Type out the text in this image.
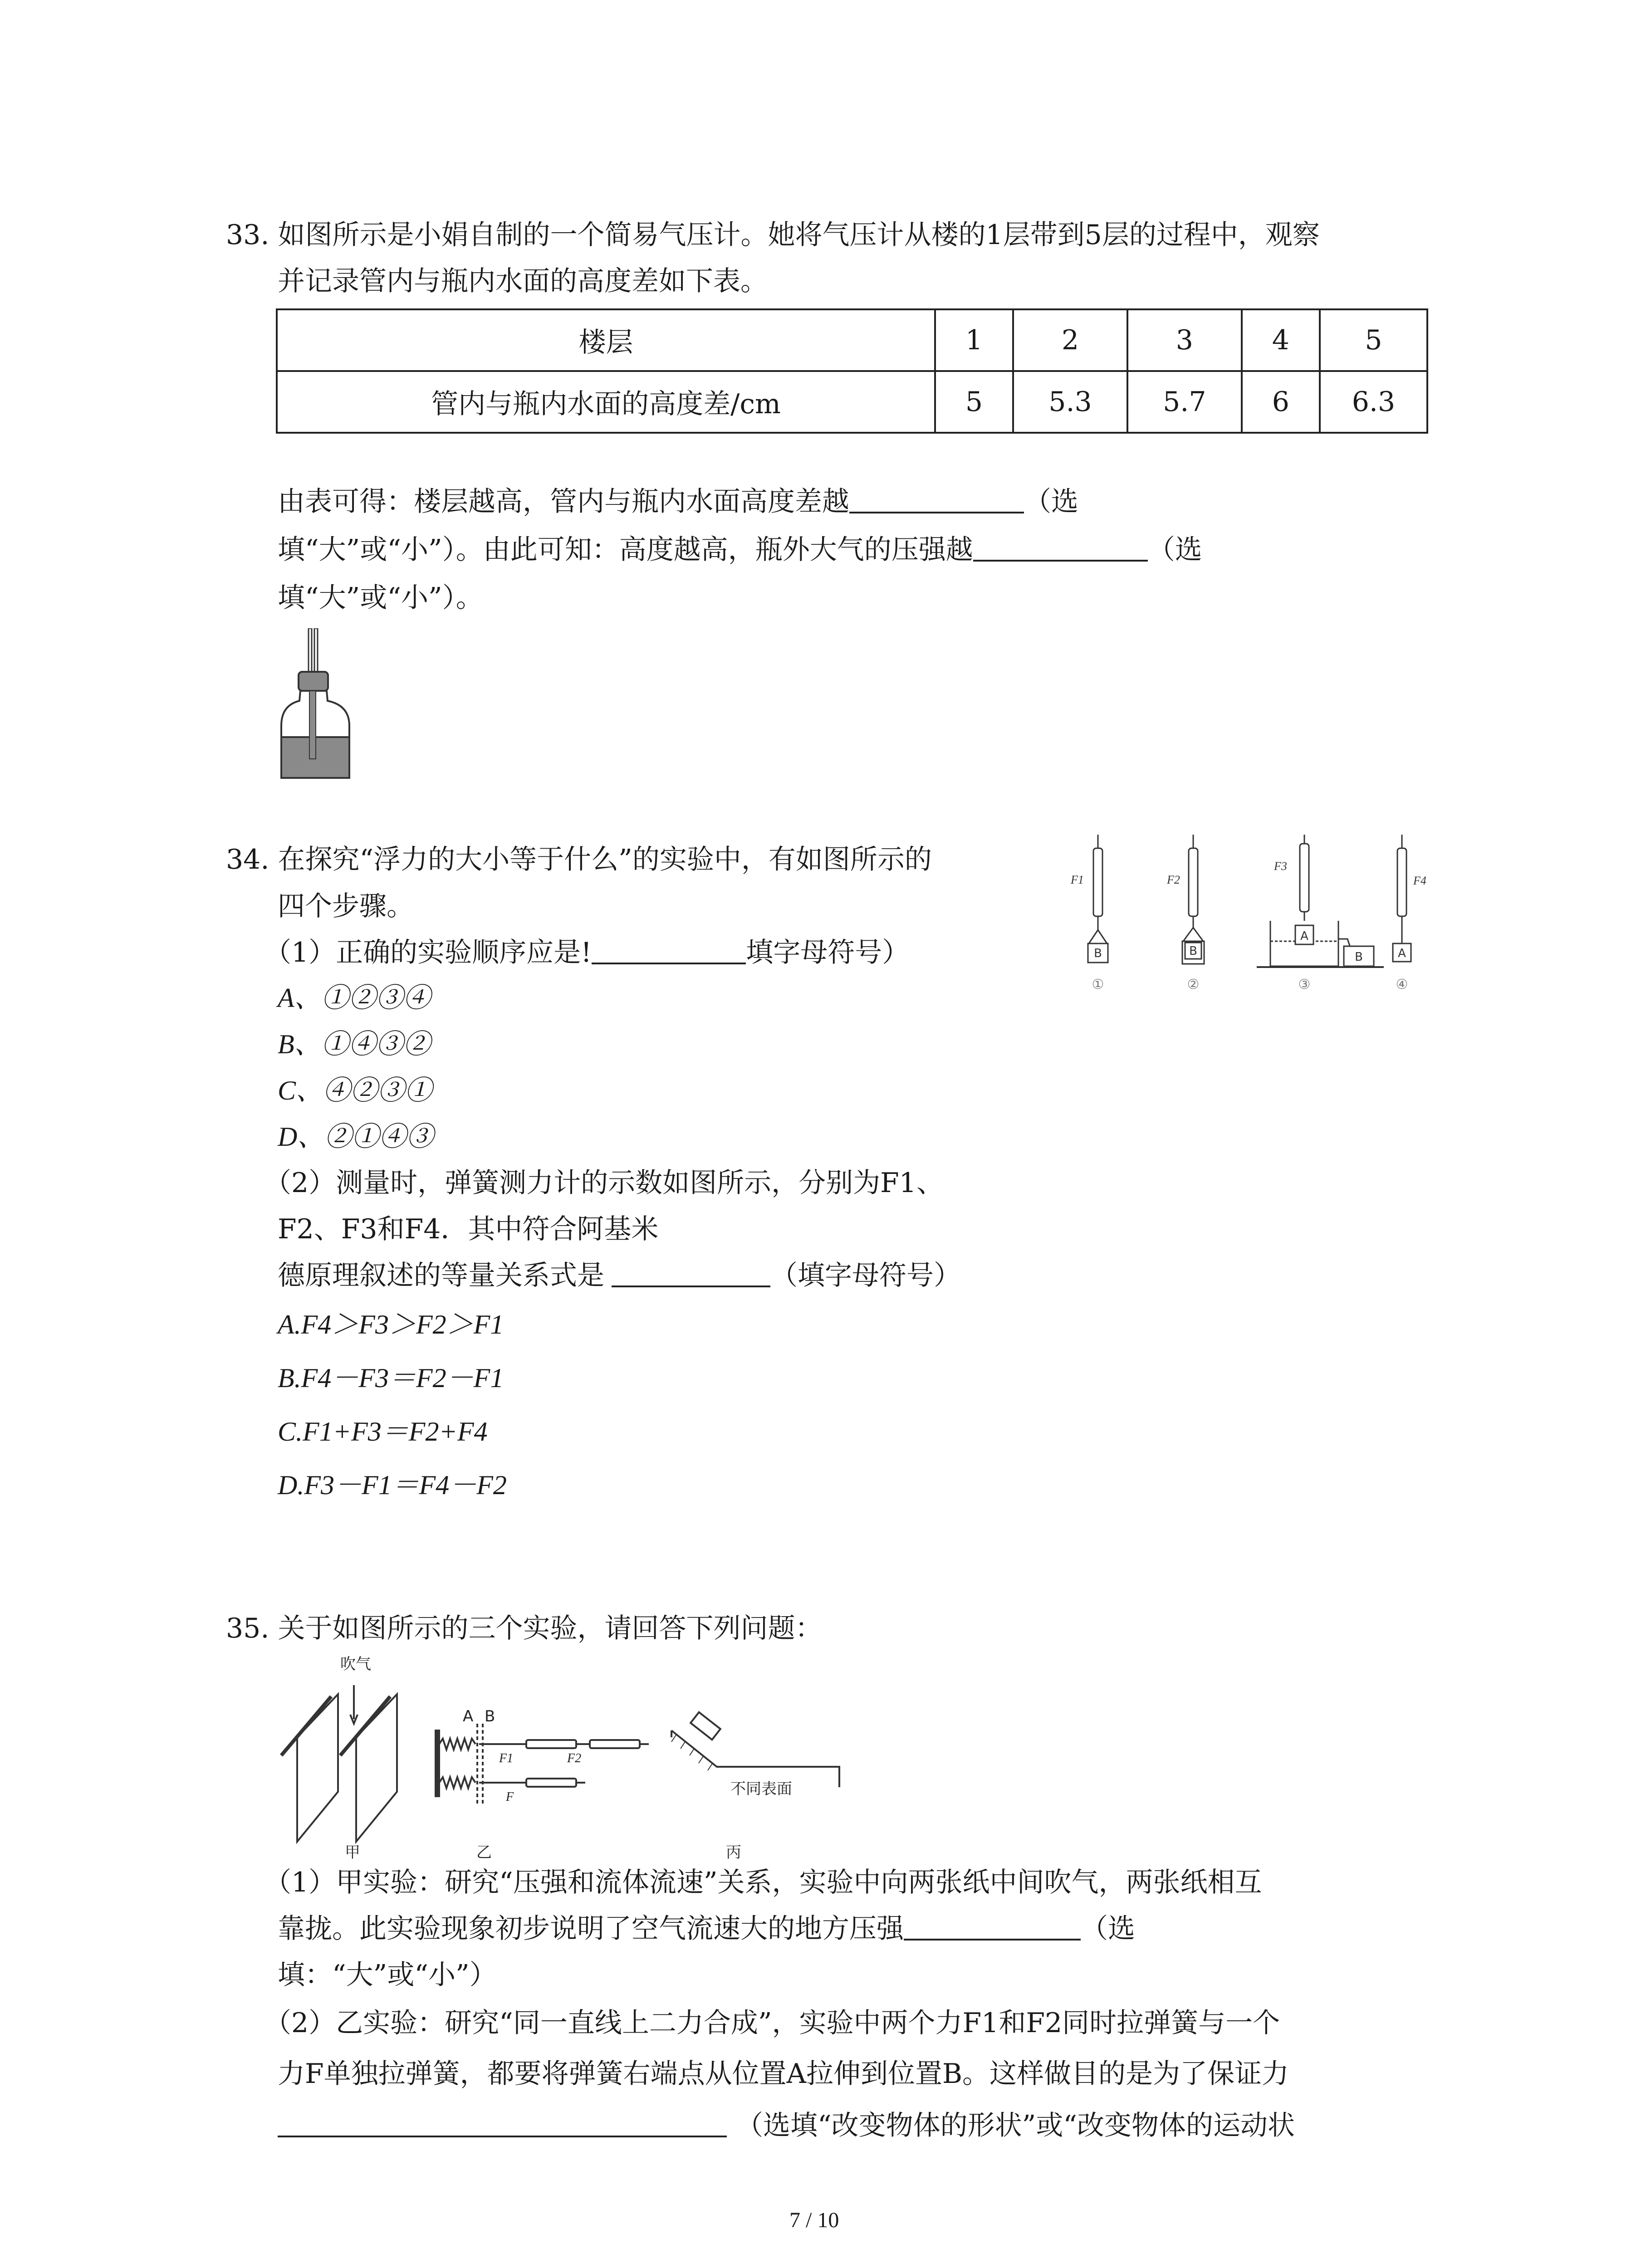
33. 如图所示是小娟自制的一个简易气压计。她将气压计从楼的1层带到5层的过程中，观察
并记录管内与瓶内水面的高度差如下表。
楼层	1	2	3	4	5
管内与瓶内水面的高度差/cm	5	5.3	5.7	6	6.3
由表可得：楼层越高，管内与瓶内水面高度差越	（选
填“大”或“小”）。由此可知：高度越高，瓶外大气的压强越	（选
填“大”或“小”）。
34. 在探究“浮力的大小等于什么”的实验中，有如图所示的
四个步骤。
（1）正确的实验顺序应是!	填字母符号）
A、①②③④
B、①④③②
C、④②③①
D、②①④③
（2）测量时，弹簧测力计的示数如图所示，分别为F1、
F2、F3和F4．其中符合阿基米
德原理叙述的等量关系式是	（填字母符号）
A.F4＞F3＞F2＞F1
B.F4－F3＝F2－F1
C.F1+F3＝F2+F4
D.F3－F1＝F4－F2
F1	F2
F3
F4
B	B
A
B	A
①	②	③	④
35. 关于如图所示的三个实验，请回答下列问题：
吹气
A B
不同表面
甲	乙	丙
F1	F2
F
（1）甲实验：研究“压强和流体流速”关系，实验中向两张纸中间吹气，两张纸相互
靠拢。此实验现象初步说明了空气流速大的地方压强	（选
填：“大”或“小”）
（2）乙实验：研究“同一直线上二力合成”，实验中两个力F1和F2同时拉弹簧与一个
力F单独拉弹簧，都要将弹簧右端点从位置A拉伸到位置B。这样做目的是为了保证力
（选填“改变物体的形状”或“改变物体的运动状
7 / 10
